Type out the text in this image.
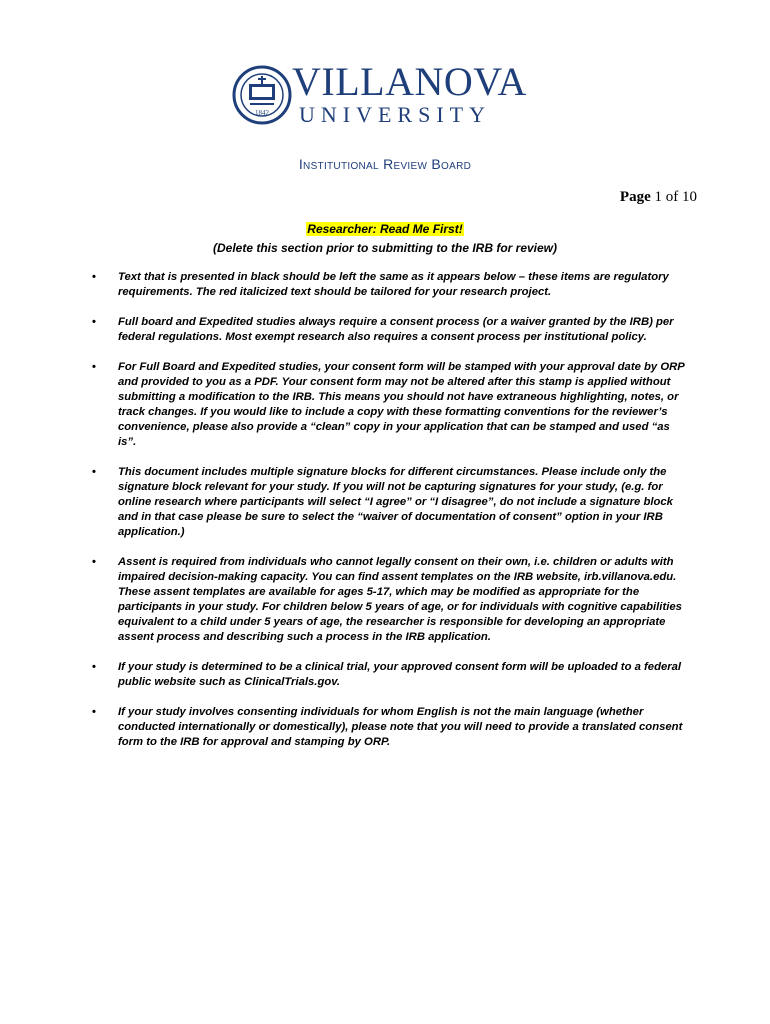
1842
VILLANOVA
UNIVERSITY
Institutional Review Board
Page 1 of 10
Researcher: Read Me First!
(Delete this section prior to submitting to the IRB for review)
• Text that is presented in black should be left the same as it appears below – these items are regulatory requirements. The red italicized text should be tailored for your research project.
• Full board and Expedited studies always require a consent process (or a waiver granted by the IRB) per federal regulations. Most exempt research also requires a consent process per institutional policy.
• For Full Board and Expedited studies, your consent form will be stamped with your approval date by ORP and provided to you as a PDF. Your consent form may not be altered after this stamp is applied without submitting a modification to the IRB. This means you should not have extraneous highlighting, notes, or track changes. If you would like to include a copy with these formatting conventions for the reviewer’s convenience, please also provide a “clean” copy in your application that can be stamped and used “as is”.
• This document includes multiple signature blocks for different circumstances. Please include only the signature block relevant for your study. If you will not be capturing signatures for your study, (e.g. for online research where participants will select “I agree” or “I disagree”, do not include a signature block and in that case please be sure to select the “waiver of documentation of consent” option in your IRB application.)
• Assent is required from individuals who cannot legally consent on their own, i.e. children or adults with impaired decision-making capacity. You can find assent templates on the IRB website, irb.villanova.edu. These assent templates are available for ages 5-17, which may be modified as appropriate for the participants in your study. For children below 5 years of age, or for individuals with cognitive capabilities equivalent to a child under 5 years of age, the researcher is responsible for developing an appropriate assent process and describing such a process in the IRB application.
• If your study is determined to be a clinical trial, your approved consent form will be uploaded to a federal public website such as ClinicalTrials.gov.
• If your study involves consenting individuals for whom English is not the main language (whether conducted internationally or domestically), please note that you will need to provide a translated consent form to the IRB for approval and stamping by ORP.
